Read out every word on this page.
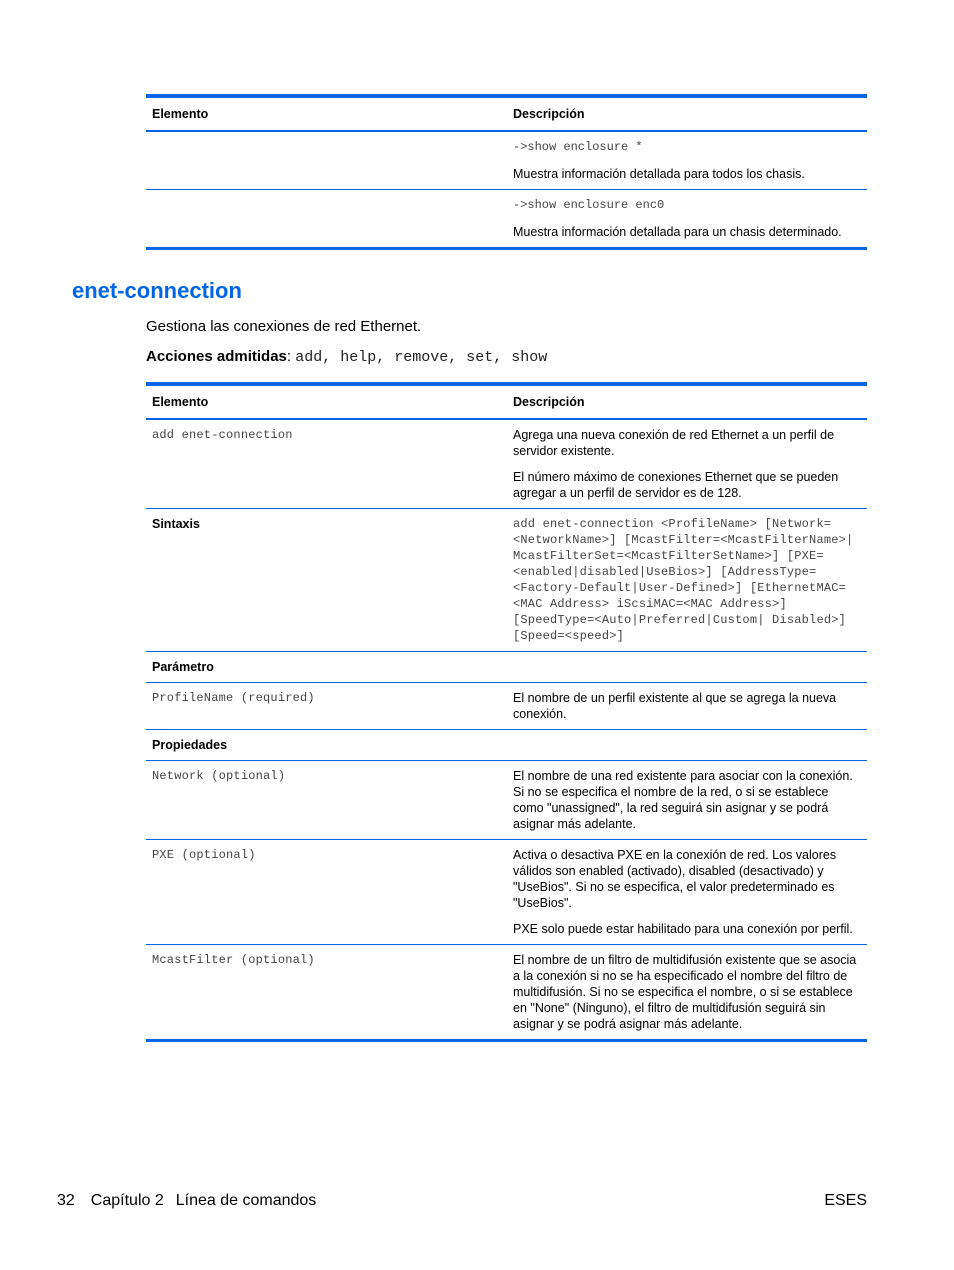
Elemento	Descripción

	->show enclosure *
Muestra información detallada para todos los chasis.

	->show enclosure enc0
Muestra información detallada para un chasis determinado.
enet-connection

Gestiona las conexiones de red Ethernet.

Acciones admitidas: add, help, remove, set, show

Elemento	Descripción
add enet-connection	Agrega una nueva conexión de red Ethernet a un perfil de servidor existente.

El número máximo de conexiones Ethernet que se pueden agregar a un perfil de servidor es de 128.

Sintaxis	add enet-connection <ProfileName> [Network=<NetworkName>] [McastFilter=<McastFilterName>| McastFilterSet=<McastFilterSetName>] [PXE=<enabled|disabled|UseBios>] [AddressType=<Factory-Default|User-Defined>] [EthernetMAC=<MAC Address> iScsiMAC=<MAC Address>] [SpeedType=<Auto|Preferred|Custom| Disabled>] [Speed=<speed>]
Parámetro	
ProfileName (required)	El nombre de un perfil existente al que se agrega la nueva conexión.
Propiedades	
Network (optional)	El nombre de una red existente para asociar con la conexión. Si no se especifica el nombre de la red, o si se establece como "unassigned", la red seguirá sin asignar y se podrá asignar más adelante.
PXE (optional)	Activa o desactiva PXE en la conexión de red. Los valores válidos son enabled (activado), disabled (desactivado) y "UseBios". Si no se especifica, el valor predeterminado es "UseBios".

PXE solo puede estar habilitado para una conexión por perfil.

McastFilter (optional)	El nombre de un filtro de multidifusión existente que se asocia a la conexión si no se ha especificado el nombre del filtro de multidifusión. Si no se especifica el nombre, o si se establece en "None" (Ninguno), el filtro de multidifusión seguirá sin asignar y se podrá asignar más adelante.
32 Capítulo 2 Línea de comandos	ESES
